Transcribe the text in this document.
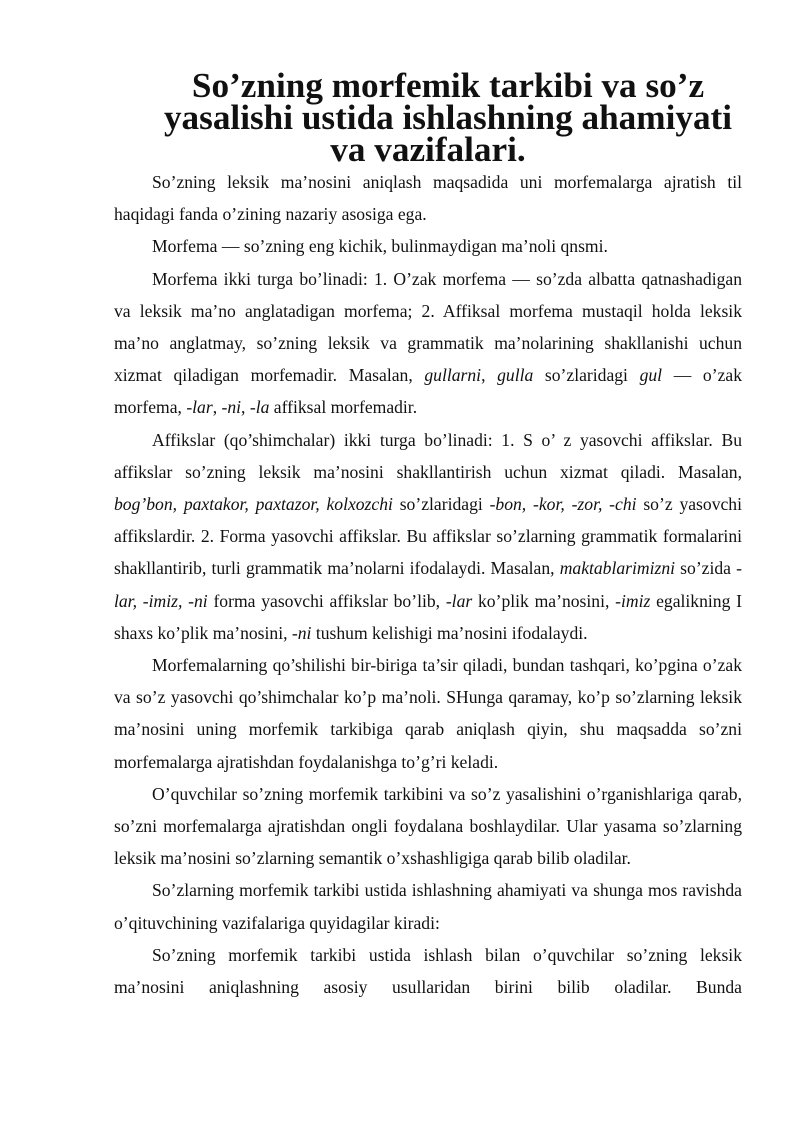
So’zning morfemik tarkibi va so’z yasalishi ustida ishlashning ahamiyati
va vazifalari.

So’zning leksik ma’nosini aniqlash maqsadida uni morfemalarga ajratish til haqidagi fanda o’zining nazariy asosiga ega.

Morfema — so’zning eng kichik, bulinmaydigan ma’noli qnsmi.

Morfema ikki turga bo’linadi: 1. O’zak morfema — so’zda albatta qatnashadigan va leksik ma’no anglatadigan morfema; 2. Affiksal morfema mustaqil holda leksik ma’no anglatmay, so’zning leksik va grammatik ma’nolarining shakllanishi uchun xizmat qiladigan morfemadir. Masalan, gullarni, gulla so’zlaridagi gul — o’zak morfema, -lar, -ni, -la affiksal morfemadir.

Affikslar (qo’shimchalar) ikki turga bo’linadi: 1. S o’ z yasovchi affikslar. Bu affikslar so’zning leksik ma’nosini shakllantirish uchun xizmat qiladi. Masalan, bog’bon, paxtakor, paxtazor, kolxozchi so’zlaridagi -bon, -kor, -zor, -chi so’z yasovchi affikslardir. 2. Forma yasovchi affikslar. Bu affikslar so’zlarning grammatik formalarini shakllantirib, turli grammatik ma’nolarni ifodalaydi. Masalan, maktablarimizni so’zida -lar, -imiz, -ni forma yasovchi affikslar bo’lib, -lar ko’plik ma’nosini, -imiz egalikning I shaxs ko’plik ma’nosini, -ni tushum kelishigi ma’nosini ifodalaydi.

Morfemalarning qo’shilishi bir-biriga ta’sir qiladi, bundan tashqari, ko’pgina o’zak va so’z yasovchi qo’shimchalar ko’p ma’noli. SHunga qaramay, ko’p so’zlarning leksik ma’nosini uning morfemik tarkibiga qarab aniqlash qiyin, shu maqsadda so’zni morfemalarga ajratishdan foydalanishga to’g’ri keladi.

O’quvchilar so’zning morfemik tarkibini va so’z yasalishini o’rganishlariga qarab, so’zni morfemalarga ajratishdan ongli foydalana boshlaydilar. Ular yasama so’zlarning leksik ma’nosini so’zlarning semantik o’xshashligiga qarab bilib oladilar.

So’zlarning morfemik tarkibi ustida ishlashning ahamiyati va shunga mos ravishda o’qituvchining vazifalariga quyidagilar kiradi:

So’zning morfemik tarkibi ustida ishlash bilan o’quvchilar so’zning leksik ma’nosini aniqlashning asosiy usullaridan birini bilib oladilar. Bunda
